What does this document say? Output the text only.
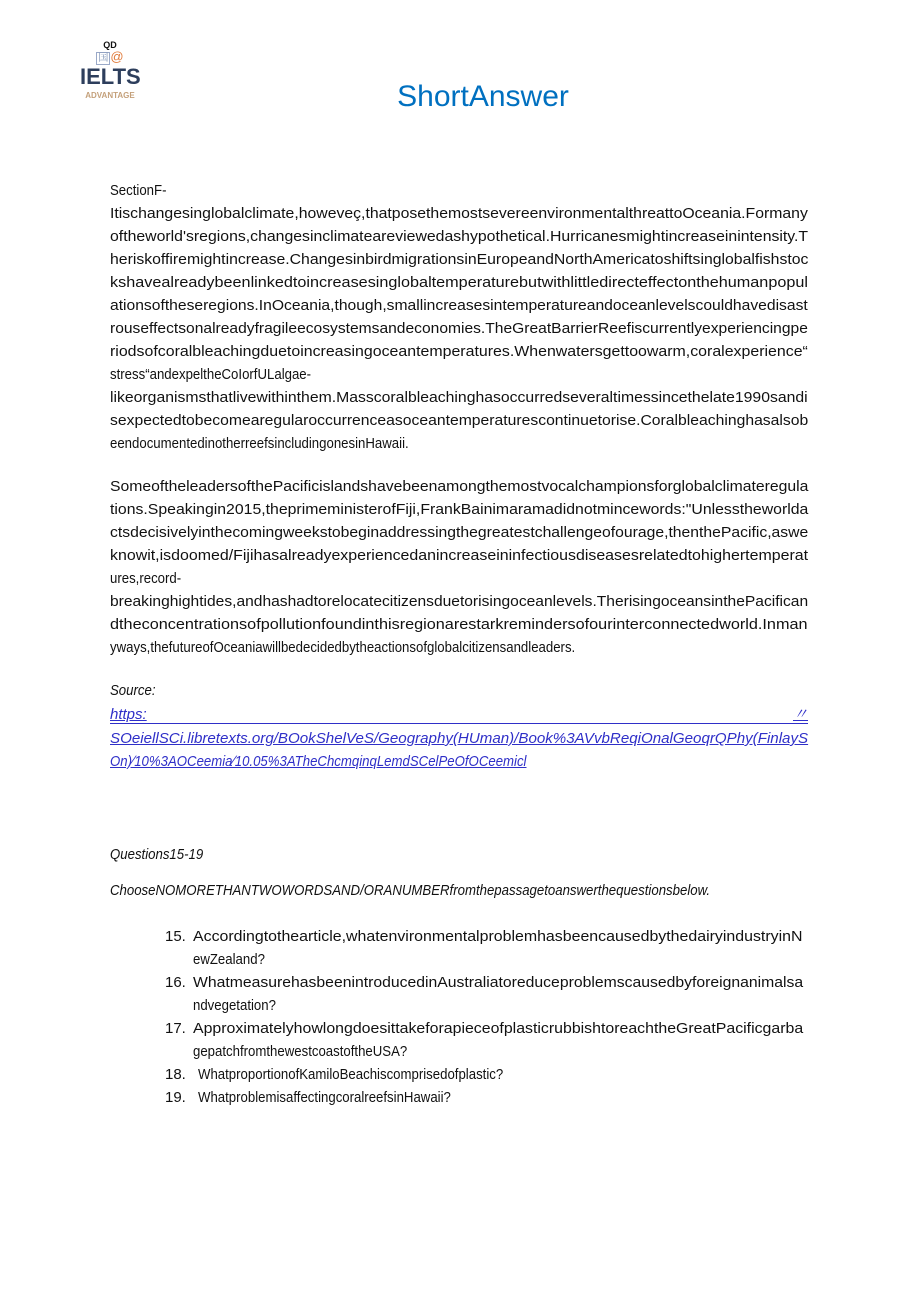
QD
国 @
IELTS
ADVANTAGE	ShortAnswer
SectionF-
Itischangesinglobalclimate,howeveç,thatposethemostsevereenvironmentalthreattoOceania.Formany
oftheworld'sregions,changesinclimateareviewedashypothetical.Hurricanesmightincreaseinintensity.T
heriskoffiremightincrease.ChangesinbirdmigrationsinEuropeandNorthAmericatoshiftsinglobalfishstoc
kshavealreadybeenlinkedtoincreasesinglobaltemperaturebutwithlittledirecteffectonthehumanpopul
ationsoftheseregions.InOceania,though,smallincreasesintemperatureandoceanlevelscouldhavedisast
rouseffectsonalreadyfragileecosystemsandeconomies.TheGreatBarrierReefiscurrentlyexperiencingpe
riodsofcoralbleachingduetoincreasingoceantemperatures.Whenwatersgettoowarm,coralexperience“
stress“andexpeltheCoIorfULalgae-
likeorganismsthatlivewithinthem.Masscoralbleachinghasoccurredseveraltimessincethelate1990sandi
sexpectedtobecomearegularoccurrenceasoceantemperaturescontinuetorise.Coralbleachinghasalsob
eendocumentedinotherreefsincludingonesinHawaii.
SomeoftheleadersofthePacificislandshavebeenamongthemostvocalchampionsforglobalclimateregula
tions.Speakingin2015,theprimeministerofFiji,FrankBainimaramadidnotmincewords:"Unlesstheworlda
ctsdecisivelyinthecomingweekstobeginaddressingthegreatestchallengeofourage,thenthePacific,aswe
knowit,isdoomed/Fijihasalreadyexperiencedanincreaseininfectiousdiseasesrelatedtohighertemperat
ures,record-
breakinghightides,andhashadtorelocatecitizensduetorisingoceanlevels.TherisingoceansinthePacifican
dtheconcentrationsofpollutionfoundinthisregionarestarkremindersofourinterconnectedworld.Inman
yways,thefutureofOceaniawillbedecidedbytheactionsofglobalcitizensandleaders.
Source:
https:	〃
SOeiellSCi.libretexts.org/BOokShelVeS/Geography(HUman)/Book%3AVvbReqiOnalGeoqrQPhy(FinlayS
On)∕10%3AOCeemia∕10.05%3ATheChcmqinqLemdSCelPeOfOCeemicl
Questions15-19
ChooseNOMORETHANTWOWORDSAND/ORANUMBERfromthepassagetoanswerthequestionsbelow.
15. Accordingtothearticle,whatenvironmentalproblemhasbeencausedbythedairyindustryinN
ewZealand?
16. WhatmeasurehasbeenintroducedinAustraliatoreduceproblemscausedbyforeignanimalsa
ndvegetation?
17. ApproximatelyhowlongdoesittakeforapieceofplasticrubbishtoreachtheGreatPacificgarba
gepatchfromthewestcoastoftheUSA?
18. WhatproportionofKamiloBeachiscomprisedofplastic?
19. WhatproblemisaffectingcoralreefsinHawaii?
